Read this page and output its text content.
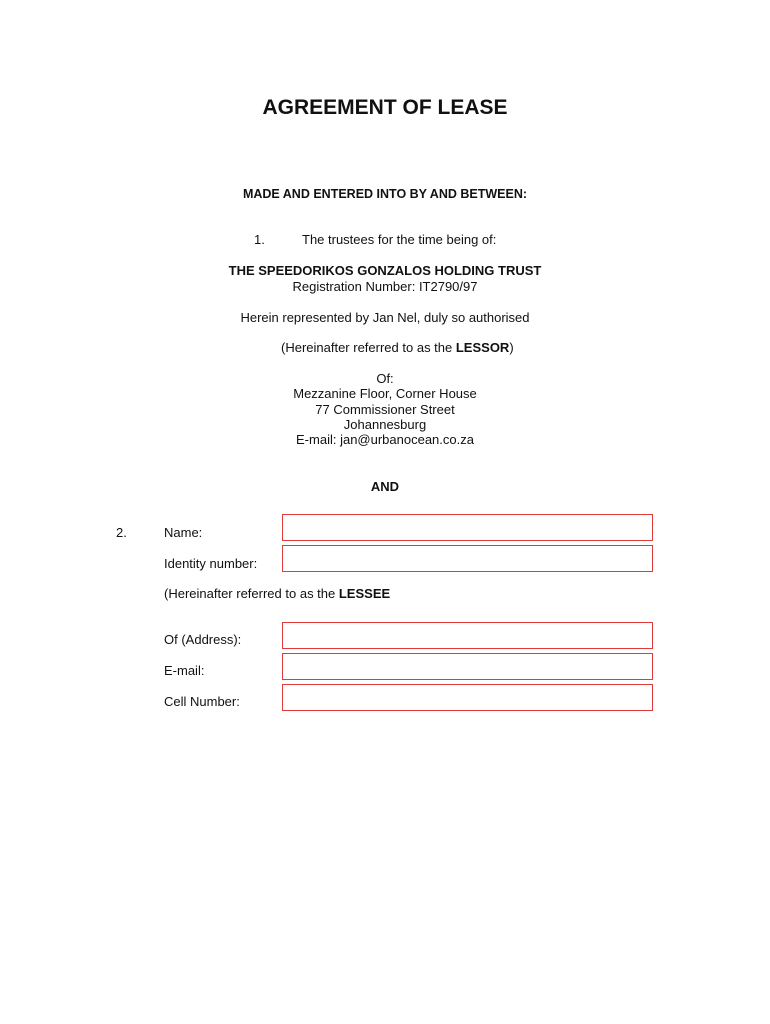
AGREEMENT OF LEASE
MADE AND ENTERED INTO BY AND BETWEEN:
1.	The trustees for the time being of:
THE SPEEDORIKOS GONZALOS HOLDING TRUST
Registration Number: IT2790/97
Herein represented by Jan Nel, duly so authorised
(Hereinafter referred to as the LESSOR)
Of:
Mezzanine Floor, Corner House
77 Commissioner Street
Johannesburg
E-mail: jan@urbanocean.co.za
AND
2.	Name:
Identity number:
(Hereinafter referred to as the LESSEE
Of (Address):
E-mail:
Cell Number:
